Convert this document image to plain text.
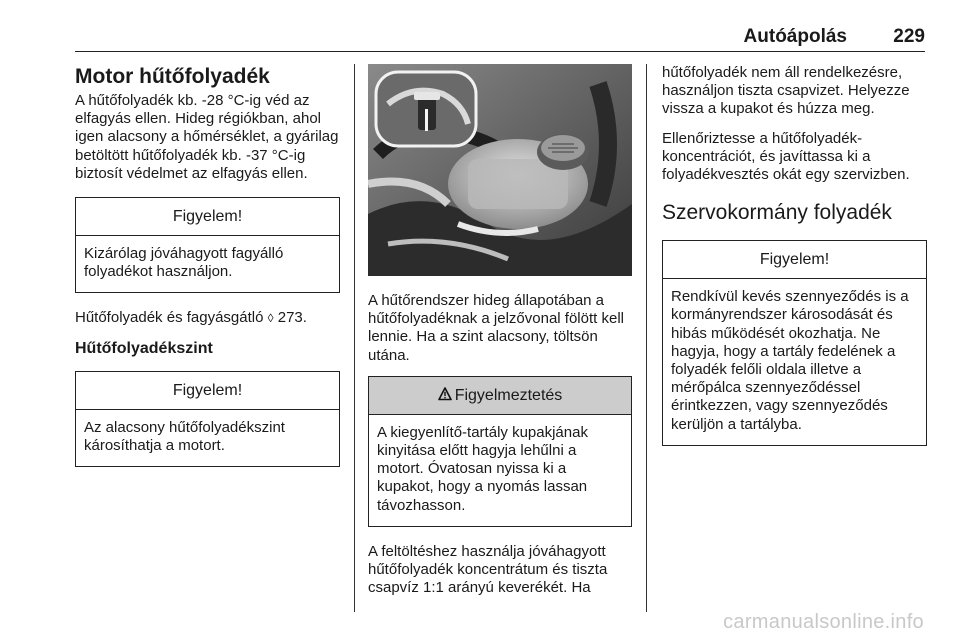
Autóápolás 229
Motor hűtőfolyadék

A hűtőfolyadék kb. -28 °C-ig véd az elfagyás ellen. Hideg régiókban, ahol igen alacsony a hőmérséklet, a gyárilag betöltött hűtőfolyadék kb. -37 °C-ig biztosít védelmet az elfagyás ellen.

Figyelem!
Kizárólag jóváhagyott fagyálló folyadékot használjon.

Hűtőfolyadék és fagyásgátló ◊ 273.

Hűtőfolyadékszint
Figyelem!
Az alacsony hűtőfolyadékszint károsíthatja a motort.

A hűtőrendszer hideg állapotában a hűtőfolyadéknak a jelzővonal fölött kell lennie. Ha a szint alacsony, töltsön utána.

Figyelmeztetés
A kiegyenlítő-tartály kupakjának kinyitása előtt hagyja lehűlni a motort. Óvatosan nyissa ki a kupakot, hogy a nyomás lassan távozhasson.

A feltöltéshez használja jóváhagyott hűtőfolyadék koncentrátum és tiszta csapvíz 1:1 arányú keverékét. Ha

hűtőfolyadék nem áll rendelkezésre, használjon tiszta csapvizet. Helyezze vissza a kupakot és húzza meg.

Ellenőriztesse a hűtőfolyadék-koncentrációt, és javíttassa ki a folyadékvesztés okát egy szervizben.

Szervokormány folyadék
Figyelem!
Rendkívül kevés szennyeződés is a kormányrendszer károsodását és hibás működését okozhatja. Ne hagyja, hogy a tartály fedelének a folyadék felőli oldala illetve a mérőpálca szennyeződéssel érintkezzen, vagy szennyeződés kerüljön a tartályba.
carmanualsonline.info
